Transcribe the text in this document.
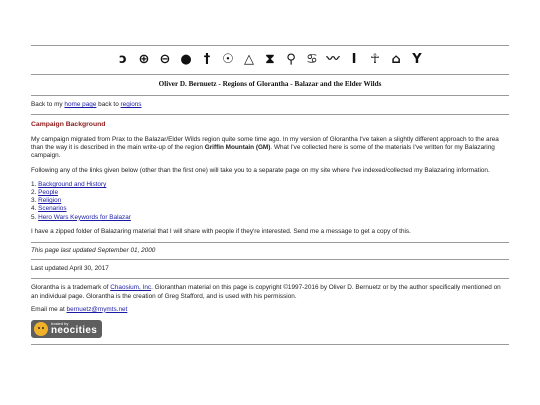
ↄ ⊕ ⊖ ● † ☉ △ ⧗ ⚲ ♋ 〰 Ⅰ	☥ ⌂ Y
Oliver D. Bernuetz - Regions of Glorantha - Balazar and the Elder Wilds
Back to my home page back to regions
Campaign Background

My campaign migrated from Prax to the Balazar/Elder Wilds region quite some time ago. In my version of Glorantha I've taken a slightly different approach to the area than the way it is described in the main write-up of the region Griffin Mountain (GM). What I've collected here is some of the materials I've written for my Balazaring campaign.

Following any of the links given below (other than the first one) will take you to a separate page on my site where I've indexed/collected my Balazaring information.

1. Background and History
2. People
3. Religion
4. Scenarios
5. Hero Wars Keywords for Balazar

I have a zipped folder of Balazaring material that I will share with people if they're interested. Send me a message to get a copy of this.

This page last updated September 01, 2000
Last updated April 30, 2017

Glorantha is a trademark of Chaosium, Inc. Gloranthan material on this page is copyright ©1997-2016 by Oliver D. Bernuetz or by the author specifically mentioned on an individual page. Glorantha is the creation of Greg Stafford, and is used with his permission.

Email me at bernuetz@mymts.net

hosted by
neocities
